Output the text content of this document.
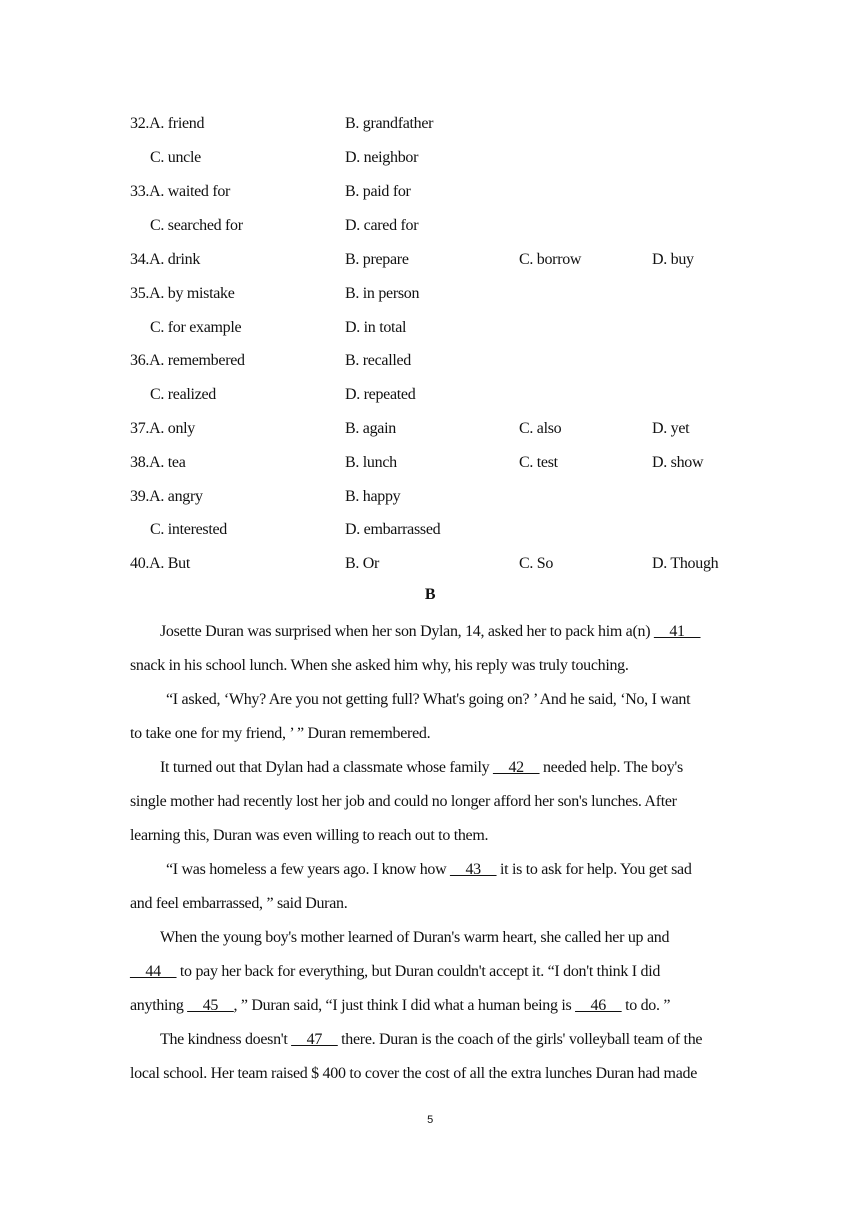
32.A. friend	B. grandfather
C. uncle	D. neighbor
33.A. waited for	B. paid for
C. searched for	D. cared for
34.A. drink	B. prepare	C. borrow	D. buy
35.A. by mistake	B. in person
C. for example	D. in total
36.A. remembered	B. recalled
C. realized	D. repeated
37.A. only	B. again	C. also	D. yet
38.A. tea	B. lunch	C. test	D. show
39.A. angry	B. happy
C. interested	D. embarrassed
40.A. But	B. Or	C. So	D. Though
B
Josette Duran was surprised when her son Dylan, 14, asked her to pack him a(n) __41__
snack in his school lunch. When she asked him why, his reply was truly touching.
“I asked, ‘Why? Are you not getting full? What's going on? ’ And he said, ‘No, I want
to take one for my friend, ’ ” Duran remembered.
It turned out that Dylan had a classmate whose family __42__ needed help. The boy's
single mother had recently lost her job and could no longer afford her son's lunches. After
learning this, Duran was even willing to reach out to them.
“I was homeless a few years ago. I know how __43__ it is to ask for help. You get sad
and feel embarrassed, ” said Duran.
When the young boy's mother learned of Duran's warm heart, she called her up and
__44__ to pay her back for everything, but Duran couldn't accept it. “I don't think I did
anything __45__, ” Duran said, “I just think I did what a human being is __46__ to do. ”
The kindness doesn't __47__ there. Duran is the coach of the girls' volleyball team of the
local school. Her team raised $ 400 to cover the cost of all the extra lunches Duran had made
5
